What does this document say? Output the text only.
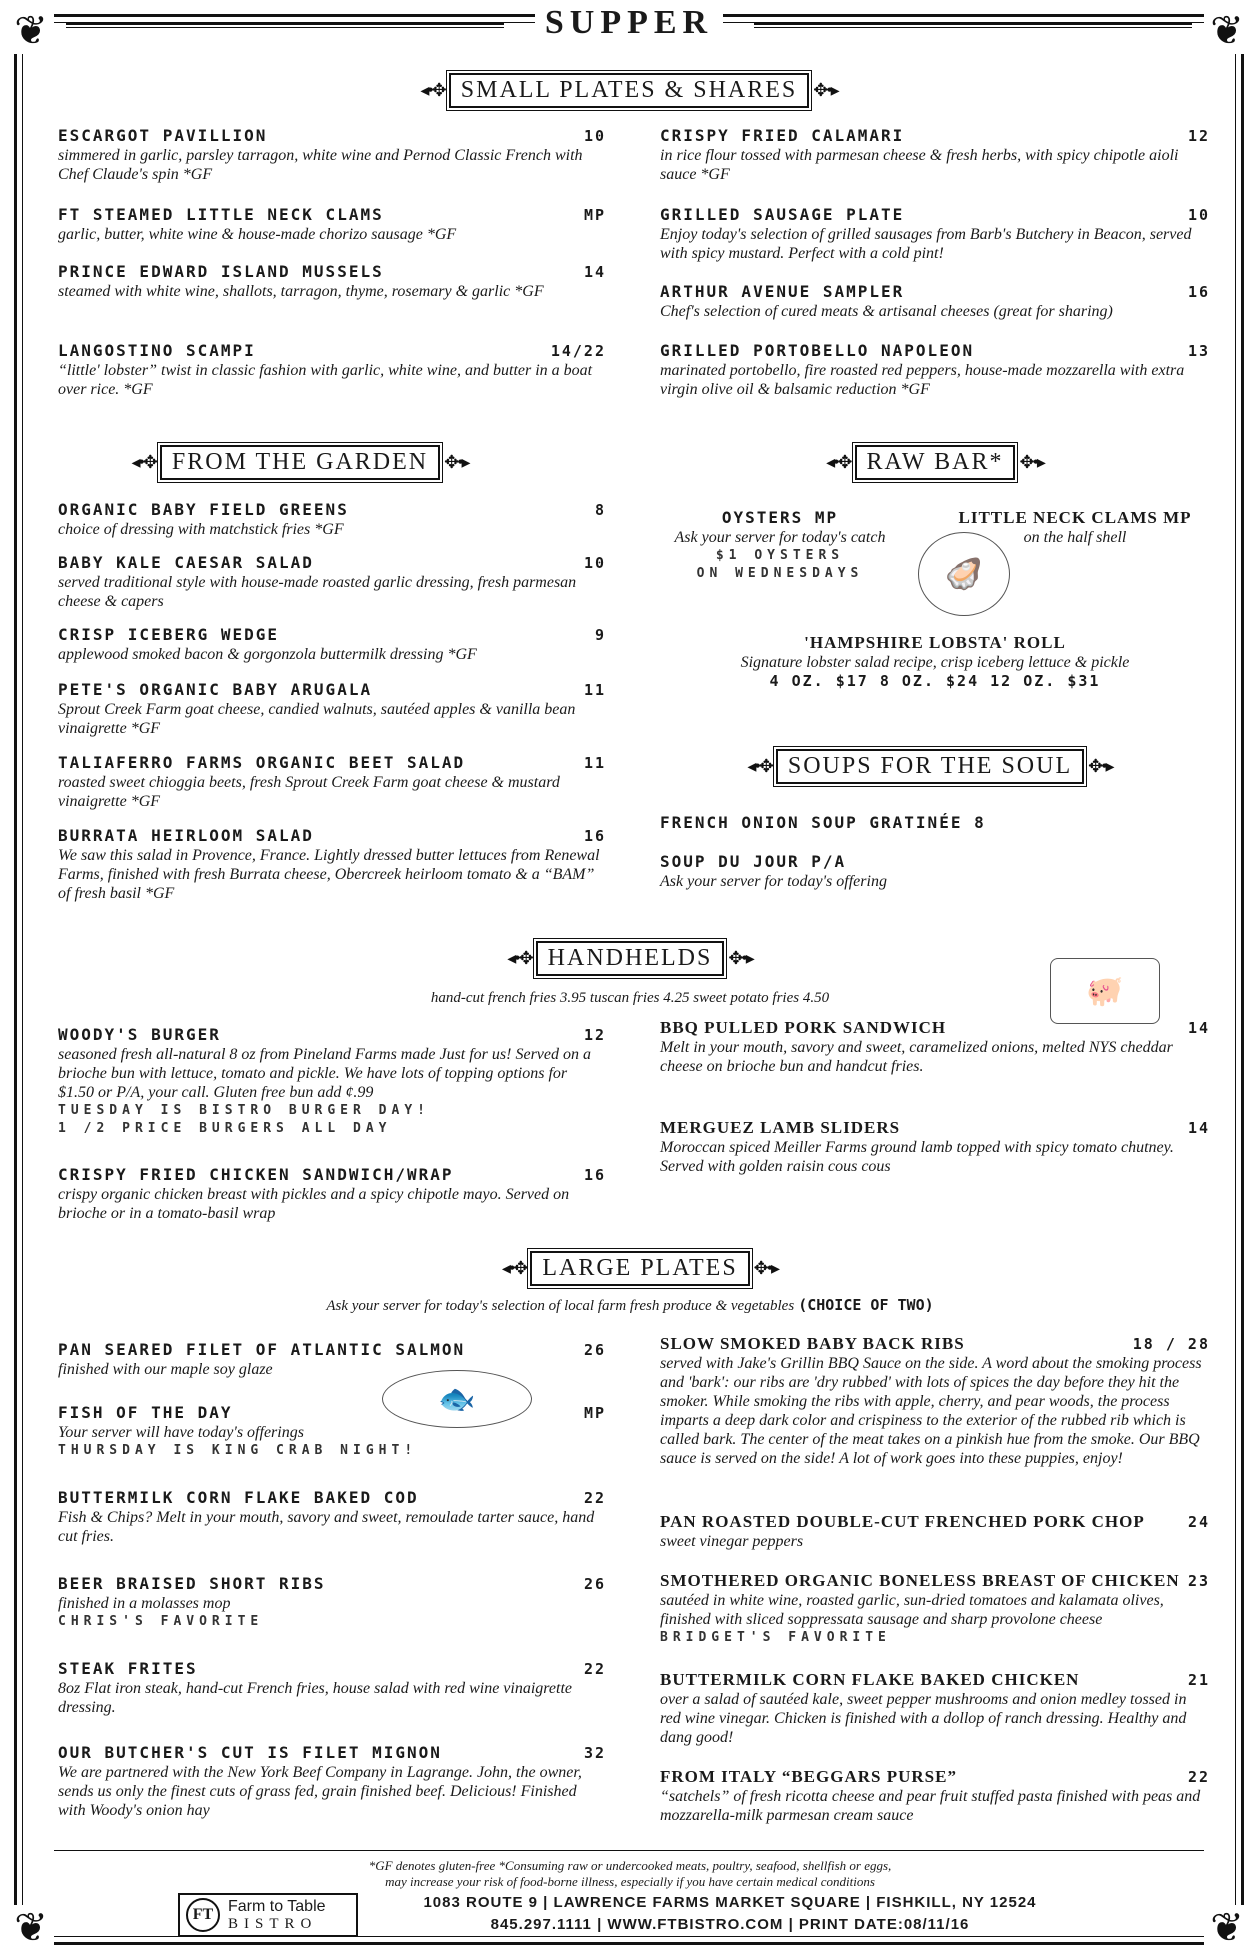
❦	❦
❦	❦
SUPPER
◂•✥ SMALL PLATES & SHARES ✥•▸
ESCARGOT PAVILLION	10
simmered in garlic, parsley tarragon, white wine and Pernod Classic French with Chef Claude's spin *GF
FT STEAMED LITTLE NECK CLAMS	MP
garlic, butter, white wine & house-made chorizo sausage *GF
PRINCE EDWARD ISLAND MUSSELS	14
steamed with white wine, shallots, tarragon, thyme, rosemary & garlic *GF
LANGOSTINO SCAMPI	14/22
“little' lobster” twist in classic fashion with garlic, white wine, and butter in a boat over rice. *GF
CRISPY FRIED CALAMARI	12
in rice flour tossed with parmesan cheese & fresh herbs, with spicy chipotle aioli sauce *GF
GRILLED SAUSAGE PLATE	10
Enjoy today's selection of grilled sausages from Barb's Butchery in Beacon, served with spicy mustard. Perfect with a cold pint!
ARTHUR AVENUE SAMPLER	16
Chef's selection of cured meats & artisanal cheeses (great for sharing)
GRILLED PORTOBELLO NAPOLEON	13
marinated portobello, fire roasted red peppers, house-made mozzarella with extra virgin olive oil & balsamic reduction *GF
◂•✥ FROM THE GARDEN ✥•▸
ORGANIC BABY FIELD GREENS	8
choice of dressing with matchstick fries *GF
BABY KALE CAESAR SALAD	10
served traditional style with house-made roasted garlic dressing, fresh parmesan cheese & capers
CRISP ICEBERG WEDGE	9
applewood smoked bacon & gorgonzola buttermilk dressing *GF
PETE'S ORGANIC BABY ARUGALA	11
Sprout Creek Farm goat cheese, candied walnuts, sautéed apples & vanilla bean vinaigrette *GF
TALIAFERRO FARMS ORGANIC BEET SALAD	11
roasted sweet chioggia beets, fresh Sprout Creek Farm goat cheese & mustard vinaigrette *GF
BURRATA HEIRLOOM SALAD	16
We saw this salad in Provence, France. Lightly dressed butter lettuces from Renewal Farms, finished with fresh Burrata cheese, Obercreek heirloom tomato & a “BAM” of fresh basil *GF
◂•✥ RAW BAR* ✥•▸
OYSTERS MP
Ask your server for today's catch
$1 OYSTERS
ON WEDNESDAYS	🦪
LITTLE NECK CLAMS MP
on the half shell
'HAMPSHIRE LOBSTA' ROLL
Signature lobster salad recipe, crisp iceberg lettuce & pickle
4 OZ. $17 8 OZ. $24 12 OZ. $31
◂•✥ SOUPS FOR THE SOUL ✥•▸
FRENCH ONION SOUP GRATINÉE 8
SOUP DU JOUR P/A
Ask your server for today's offering
◂•✥ HANDHELDS ✥•▸
hand-cut french fries 3.95 tuscan fries 4.25 sweet potato fries 4.50	🐖
WOODY'S BURGER	12
seasoned fresh all-natural 8 oz from Pineland Farms made Just for us! Served on a brioche bun with lettuce, tomato and pickle. We have lots of topping options for $1.50 or P/A, your call. Gluten free bun add ¢.99
TUESDAY IS BISTRO BURGER DAY!
1 /2 PRICE BURGERS ALL DAY
CRISPY FRIED CHICKEN SANDWICH/WRAP	16
crispy organic chicken breast with pickles and a spicy chipotle mayo. Served on brioche or in a tomato-basil wrap
BBQ PULLED PORK SANDWICH	14
Melt in your mouth, savory and sweet, caramelized onions, melted NYS cheddar cheese on brioche bun and handcut fries.
MERGUEZ LAMB SLIDERS	14
Moroccan spiced Meiller Farms ground lamb topped with spicy tomato chutney. Served with golden raisin cous cous
◂•✥ LARGE PLATES ✥•▸
Ask your server for today's selection of local farm fresh produce & vegetables (CHOICE OF TWO)
🐟
PAN SEARED FILET OF ATLANTIC SALMON	26
finished with our maple soy glaze
FISH OF THE DAY	MP
Your server will have today's offerings
THURSDAY IS KING CRAB NIGHT!
BUTTERMILK CORN FLAKE BAKED COD	22
Fish & Chips? Melt in your mouth, savory and sweet, remoulade tarter sauce, hand cut fries.
BEER BRAISED SHORT RIBS	26
finished in a molasses mop
CHRIS'S FAVORITE
STEAK FRITES	22
8oz Flat iron steak, hand-cut French fries, house salad with red wine vinaigrette dressing.
OUR BUTCHER'S CUT IS FILET MIGNON	32
We are partnered with the New York Beef Company in Lagrange. John, the owner, sends us only the finest cuts of grass fed, grain finished beef. Delicious! Finished with Woody's onion hay
SLOW SMOKED BABY BACK RIBS	18 / 28
served with Jake's Grillin BBQ Sauce on the side. A word about the smoking process and 'bark': our ribs are 'dry rubbed' with lots of spices the day before they hit the smoker. While smoking the ribs with apple, cherry, and pear woods, the process imparts a deep dark color and crispiness to the exterior of the rubbed rib which is called bark. The center of the meat takes on a pinkish hue from the smoke. Our BBQ sauce is served on the side! A lot of work goes into these puppies, enjoy!
PAN ROASTED DOUBLE-CUT FRENCHED PORK CHOP	24
sweet vinegar peppers
SMOTHERED ORGANIC BONELESS BREAST OF CHICKEN 23
sautéed in white wine, roasted garlic, sun-dried tomatoes and kalamata olives, finished with sliced soppressata sausage and sharp provolone cheese
BRIDGET'S FAVORITE
BUTTERMILK CORN FLAKE BAKED CHICKEN	21
over a salad of sautéed kale, sweet pepper mushrooms and onion medley tossed in red wine vinegar. Chicken is finished with a dollop of ranch dressing. Healthy and dang good!
FROM ITALY “BEGGARS PURSE”	22
“satchels” of fresh ricotta cheese and pear fruit stuffed pasta finished with peas and mozzarella-milk parmesan cream sauce
*GF denotes gluten-free *Consuming raw or undercooked meats, poultry, seafood, shellfish or eggs,
may increase your risk of food-borne illness, especially if you have certain medical conditions
FT Farm to Table
BISTRO
1083 ROUTE 9 | LAWRENCE FARMS MARKET SQUARE | FISHKILL, NY 12524
845.297.1111 | WWW.FTBISTRO.COM | PRINT DATE:08/11/16
